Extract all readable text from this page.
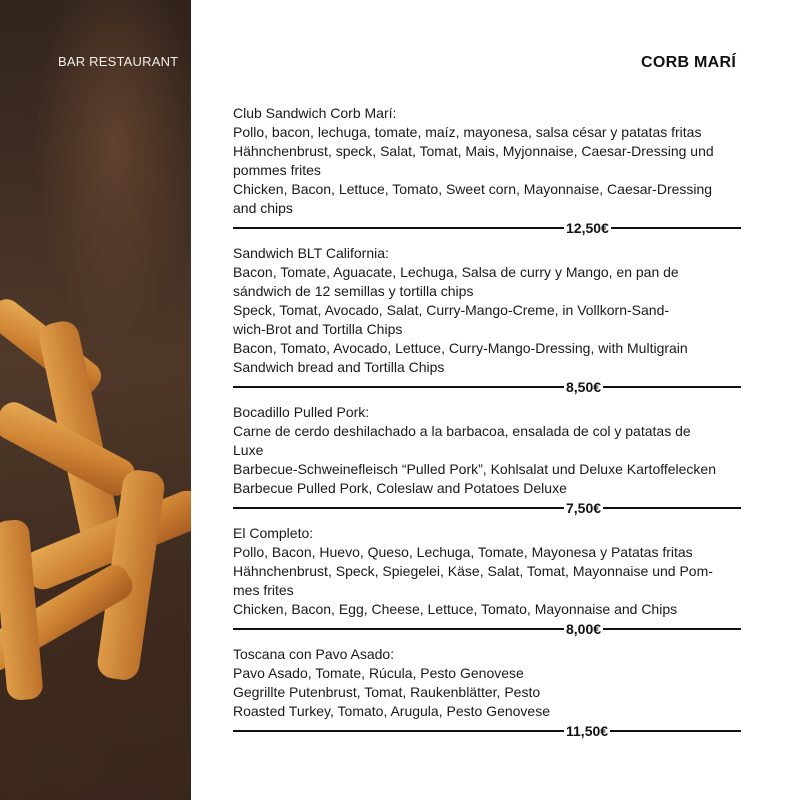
BAR RESTAURANT	CORB MARÍ
Club Sandwich Corb Marí:
Pollo, bacon, lechuga, tomate, maíz, mayonesa, salsa césar y patatas fritas
Hähnchenbrust, speck, Salat, Tomat, Mais, Myjonnaise, Caesar-Dressing und
pommes frites
Chicken, Bacon, Lettuce, Tomato, Sweet corn, Mayonnaise, Caesar-Dressing
and chips
12,50€
Sandwich BLT California:
Bacon, Tomate, Aguacate, Lechuga, Salsa de curry y Mango, en pan de
sándwich de 12 semillas y tortilla chips
Speck, Tomat, Avocado, Salat, Curry-Mango-Creme, in Vollkorn-Sand-
wich-Brot and Tortilla Chips
Bacon, Tomato, Avocado, Lettuce, Curry-Mango-Dressing, with Multigrain
Sandwich bread and Tortilla Chips
8,50€
Bocadillo Pulled Pork:
Carne de cerdo deshilachado a la barbacoa, ensalada de col y patatas de
Luxe
Barbecue-Schweinefleisch “Pulled Pork”, Kohlsalat und Deluxe Kartoffelecken
Barbecue Pulled Pork, Coleslaw and Potatoes Deluxe
7,50€
El Completo:
Pollo, Bacon, Huevo, Queso, Lechuga, Tomate, Mayonesa y Patatas fritas
Hähnchenbrust, Speck, Spiegelei, Käse, Salat, Tomat, Mayonnaise und Pom-
mes frites
Chicken, Bacon, Egg, Cheese, Lettuce, Tomato, Mayonnaise and Chips
8,00€
Toscana con Pavo Asado:
Pavo Asado, Tomate, Rúcula, Pesto Genovese
Gegrillte Putenbrust, Tomat, Raukenblätter, Pesto
Roasted Turkey, Tomato, Arugula, Pesto Genovese
11,50€
